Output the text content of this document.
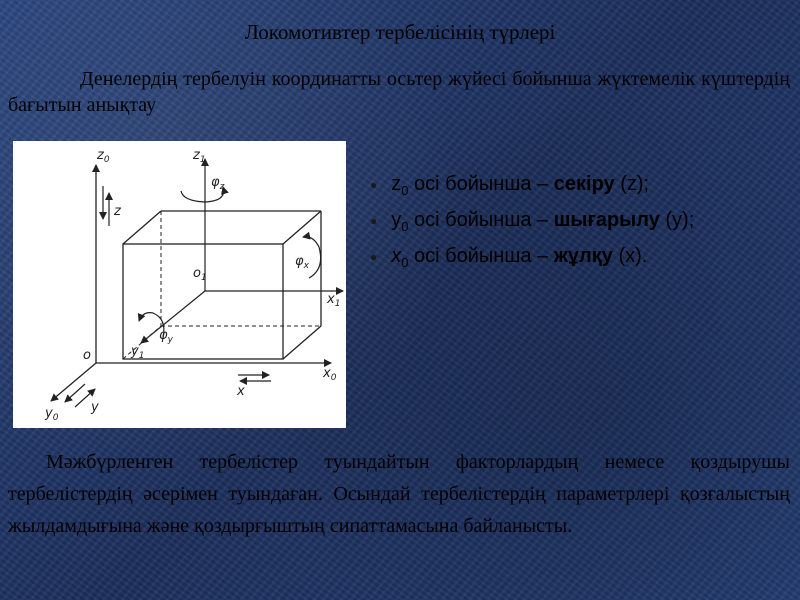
Локомотивтер тербелісінің түрлері
Денелердің тербелуін координатты осьтер жүйесі бойынша жүктемелік күштердің бағытын анықтау
$z_0$	$z_1$
$x_0$
$x_1$
$y_0$
$y_1$
o
$o_1$
$\varphi_z$
$\varphi_x$
$\varphi_y$
z
x
y
● $z_0$ осі бойынша – секіру (z);
● $y_0$ осі бойынша – шығарылу (y);
● $x_0$ осі бойынша – жұлқу (x).
Мәжбүрленген тербелістер туындайтын факторлардың немесе қоздырушы тербелістердің әсерімен туындаған. Осындай тербелістердің параметрлері қозғалыстың жылдамдығына және қоздырғыштың сипаттамасына байланысты.
